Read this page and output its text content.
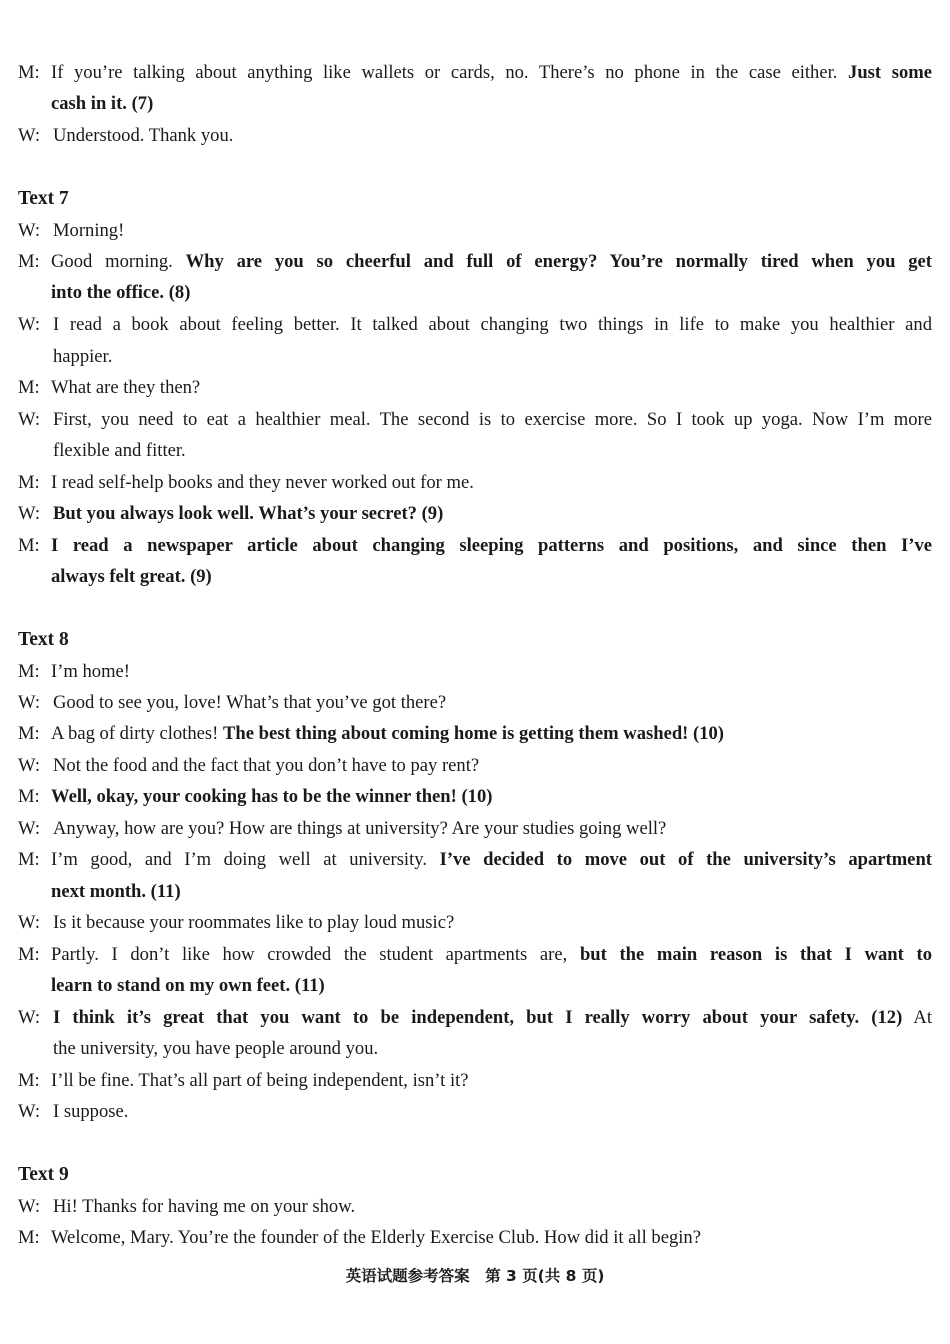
M: If you’re talking about anything like wallets or cards, no. There’s no phone in the case either. Just some
cash in it. (7)
W: Understood. Thank you.
Text 7
W: Morning!
M: Good morning. Why are you so cheerful and full of energy? You’re normally tired when you get
into the office. (8)
W: I read a book about feeling better. It talked about changing two things in life to make you healthier and
happier.
M: What are they then?
W: First, you need to eat a healthier meal. The second is to exercise more. So I took up yoga. Now I’m more
flexible and fitter.
M: I read self-help books and they never worked out for me.
W: But you always look well. What’s your secret? (9)
M: I read a newspaper article about changing sleeping patterns and positions, and since then I’ve
always felt great. (9)
Text 8
M: I’m home!
W: Good to see you, love! What’s that you’ve got there?
M: A bag of dirty clothes! The best thing about coming home is getting them washed! (10)
W: Not the food and the fact that you don’t have to pay rent?
M: Well, okay, your cooking has to be the winner then! (10)
W: Anyway, how are you? How are things at university? Are your studies going well?
M: I’m good, and I’m doing well at university. I’ve decided to move out of the university’s apartment
next month. (11)
W: Is it because your roommates like to play loud music?
M: Partly. I don’t like how crowded the student apartments are, but the main reason is that I want to
learn to stand on my own feet. (11)
W: I think it’s great that you want to be independent, but I really worry about your safety. (12) At
the university, you have people around you.
M: I’ll be fine. That’s all part of being independent, isn’t it?
W: I suppose.
Text 9
W: Hi! Thanks for having me on your show.
M: Welcome, Mary. You’re the founder of the Elderly Exercise Club. How did it all begin?
英语试题参考答案　第 3 页(共 8 页)
